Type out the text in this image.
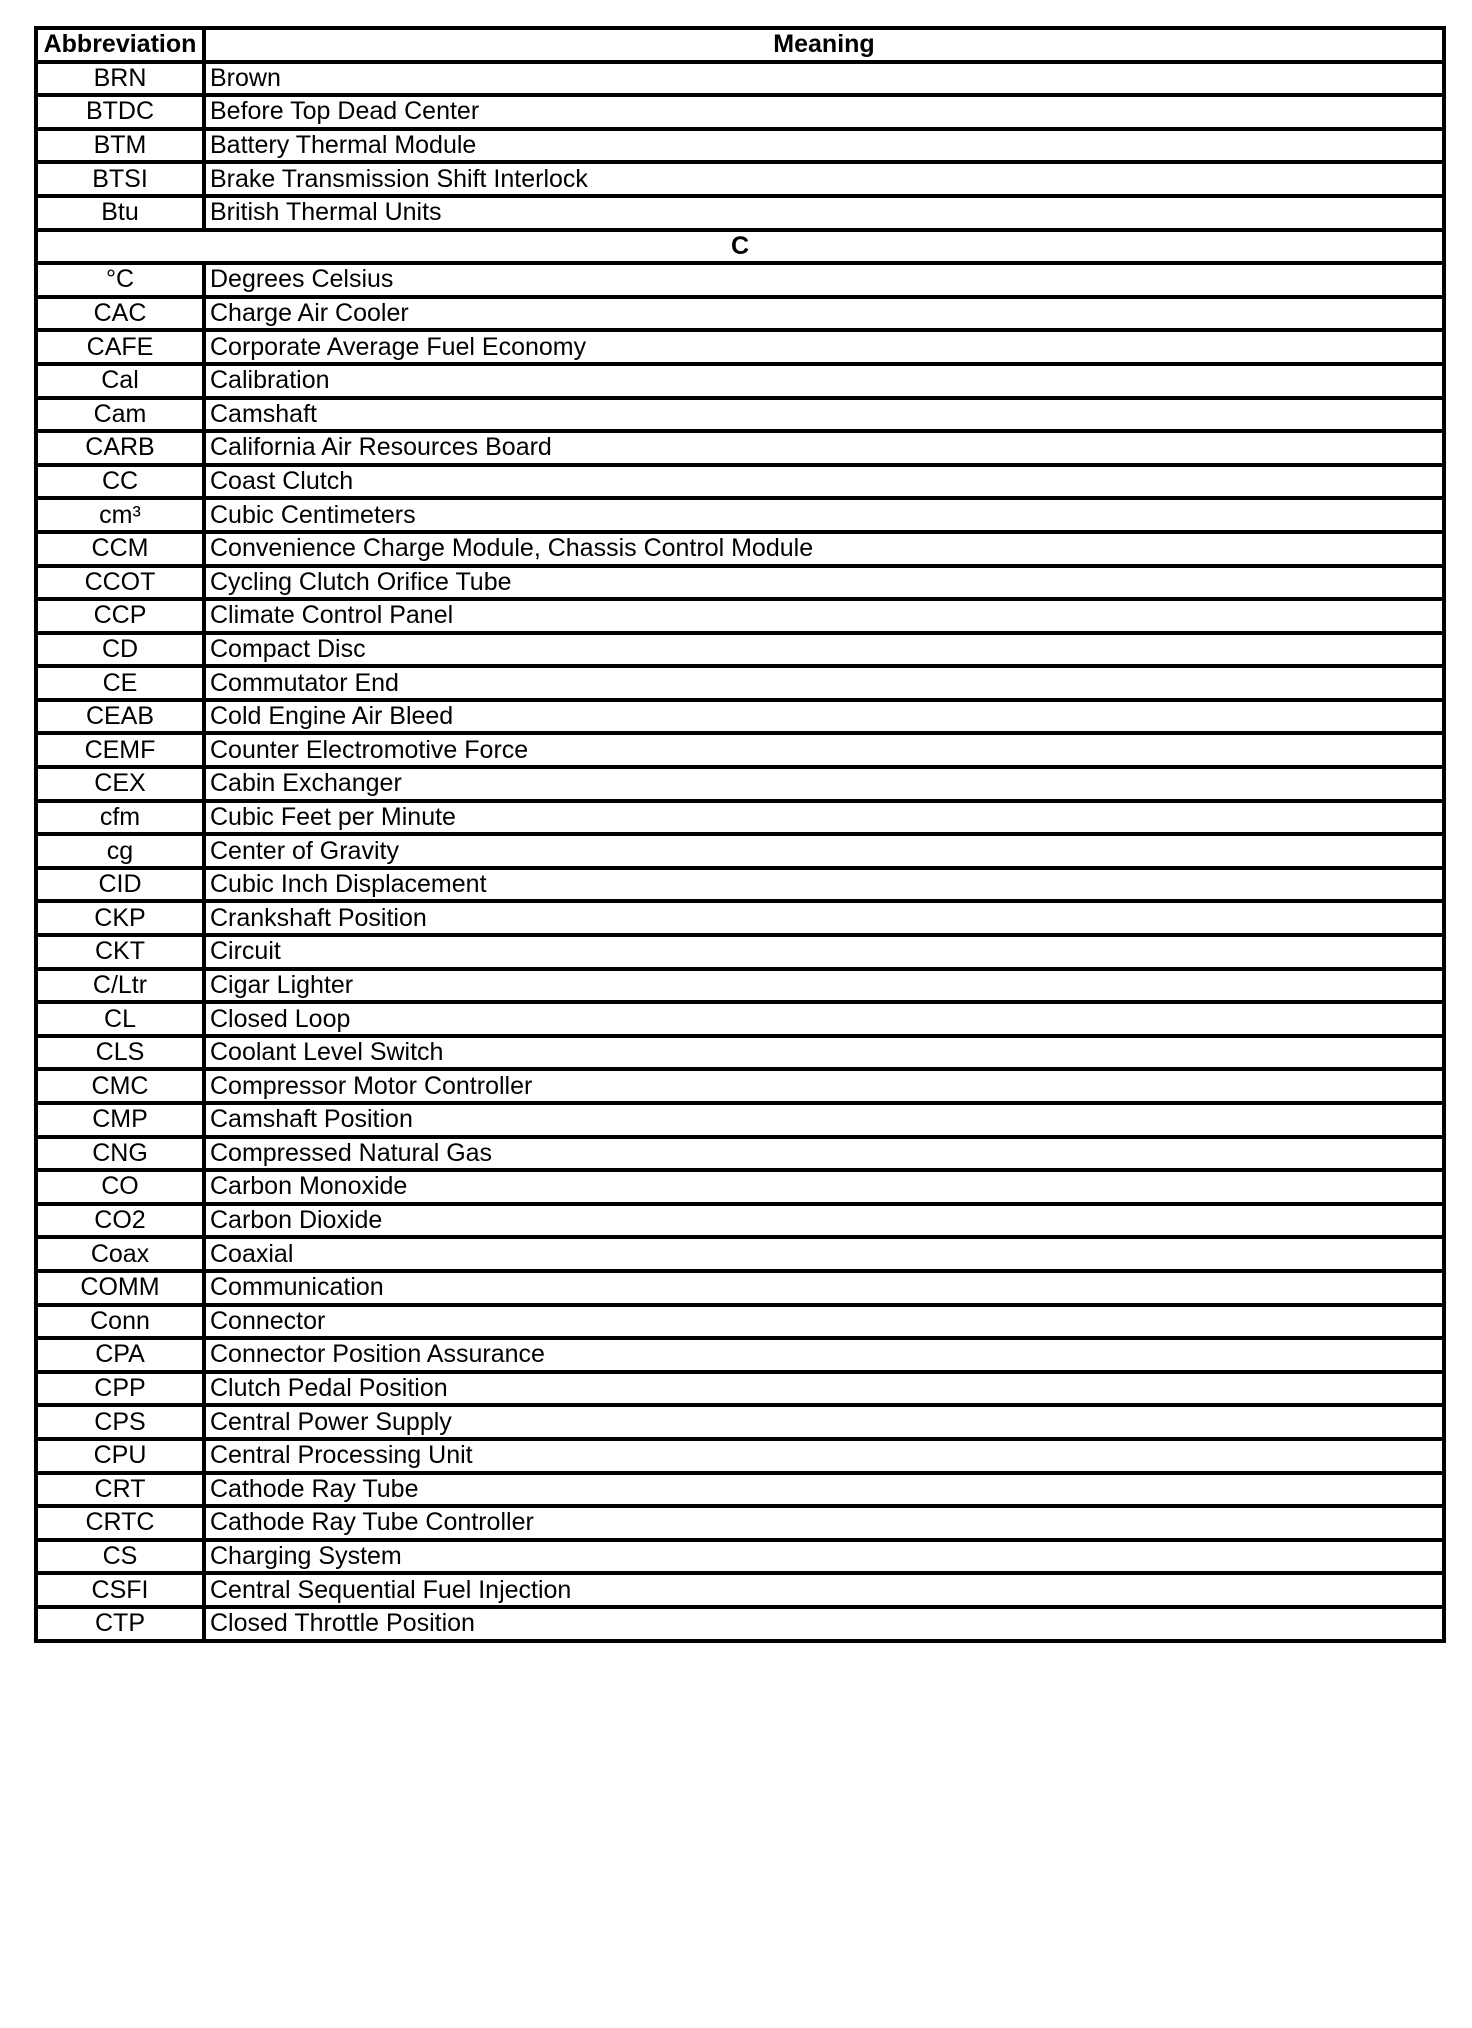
Abbreviation	Meaning
BRN	Brown
BTDC	Before Top Dead Center
BTM	Battery Thermal Module
BTSI	Brake Transmission Shift Interlock
Btu	British Thermal Units
C	
°C	Degrees Celsius
CAC	Charge Air Cooler
CAFE	Corporate Average Fuel Economy
Cal	Calibration
Cam	Camshaft
CARB	California Air Resources Board
CC	Coast Clutch
cm³	Cubic Centimeters
CCM	Convenience Charge Module, Chassis Control Module
CCOT	Cycling Clutch Orifice Tube
CCP	Climate Control Panel
CD	Compact Disc
CE	Commutator End
CEAB	Cold Engine Air Bleed
CEMF	Counter Electromotive Force
CEX	Cabin Exchanger
cfm	Cubic Feet per Minute
cg	Center of Gravity
CID	Cubic Inch Displacement
CKP	Crankshaft Position
CKT	Circuit
C/Ltr	Cigar Lighter
CL	Closed Loop
CLS	Coolant Level Switch
CMC	Compressor Motor Controller
CMP	Camshaft Position
CNG	Compressed Natural Gas
CO	Carbon Monoxide
CO2	Carbon Dioxide
Coax	Coaxial
COMM	Communication
Conn	Connector
CPA	Connector Position Assurance
CPP	Clutch Pedal Position
CPS	Central Power Supply
CPU	Central Processing Unit
CRT	Cathode Ray Tube
CRTC	Cathode Ray Tube Controller
CS	Charging System
CSFI	Central Sequential Fuel Injection
CTP	Closed Throttle Position
